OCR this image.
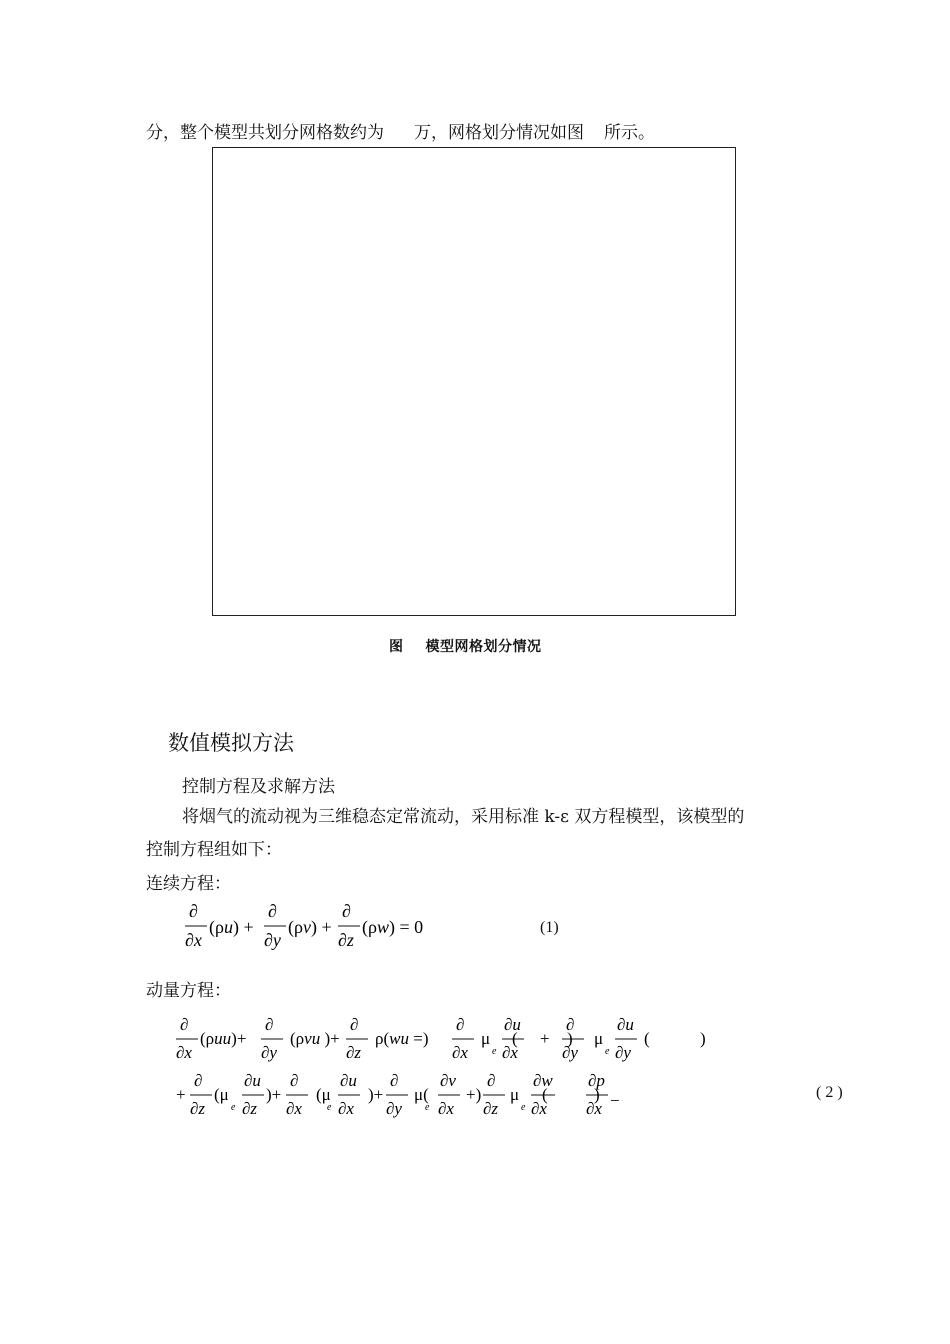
分，整个模型共划分网格数约为 万，网格划分情况如图 所示。
图 模型网格划分情况
数值模拟方法
控制方程及求解方法
将烟气的流动视为三维稳态定常流动，采用标准 k-ε 双方程模型，该模型的
控制方程组如下：
连续方程：
∂
∂x
(ρu) +
∂
∂y
(ρv) +
∂
∂z
(ρw) = 0	(1)
动量方程：
∂
∂x
(ρuu)+
∂
∂y
(ρvu )+
∂
∂z
ρ(wu =)
∂
∂x
μ
e
∂u
∂x
( +
∂
∂y
) μ
e
∂u
∂y
(	)
+
∂
∂z
(μ
e
∂u
∂z
)+
∂
∂x
(μ
e
∂u
∂x
)+
∂
∂y
μ(
e
∂v
∂x
+)
∂
∂z
μ
e
∂w
∂x
(
∂p
∂x
) −	( 2 )
